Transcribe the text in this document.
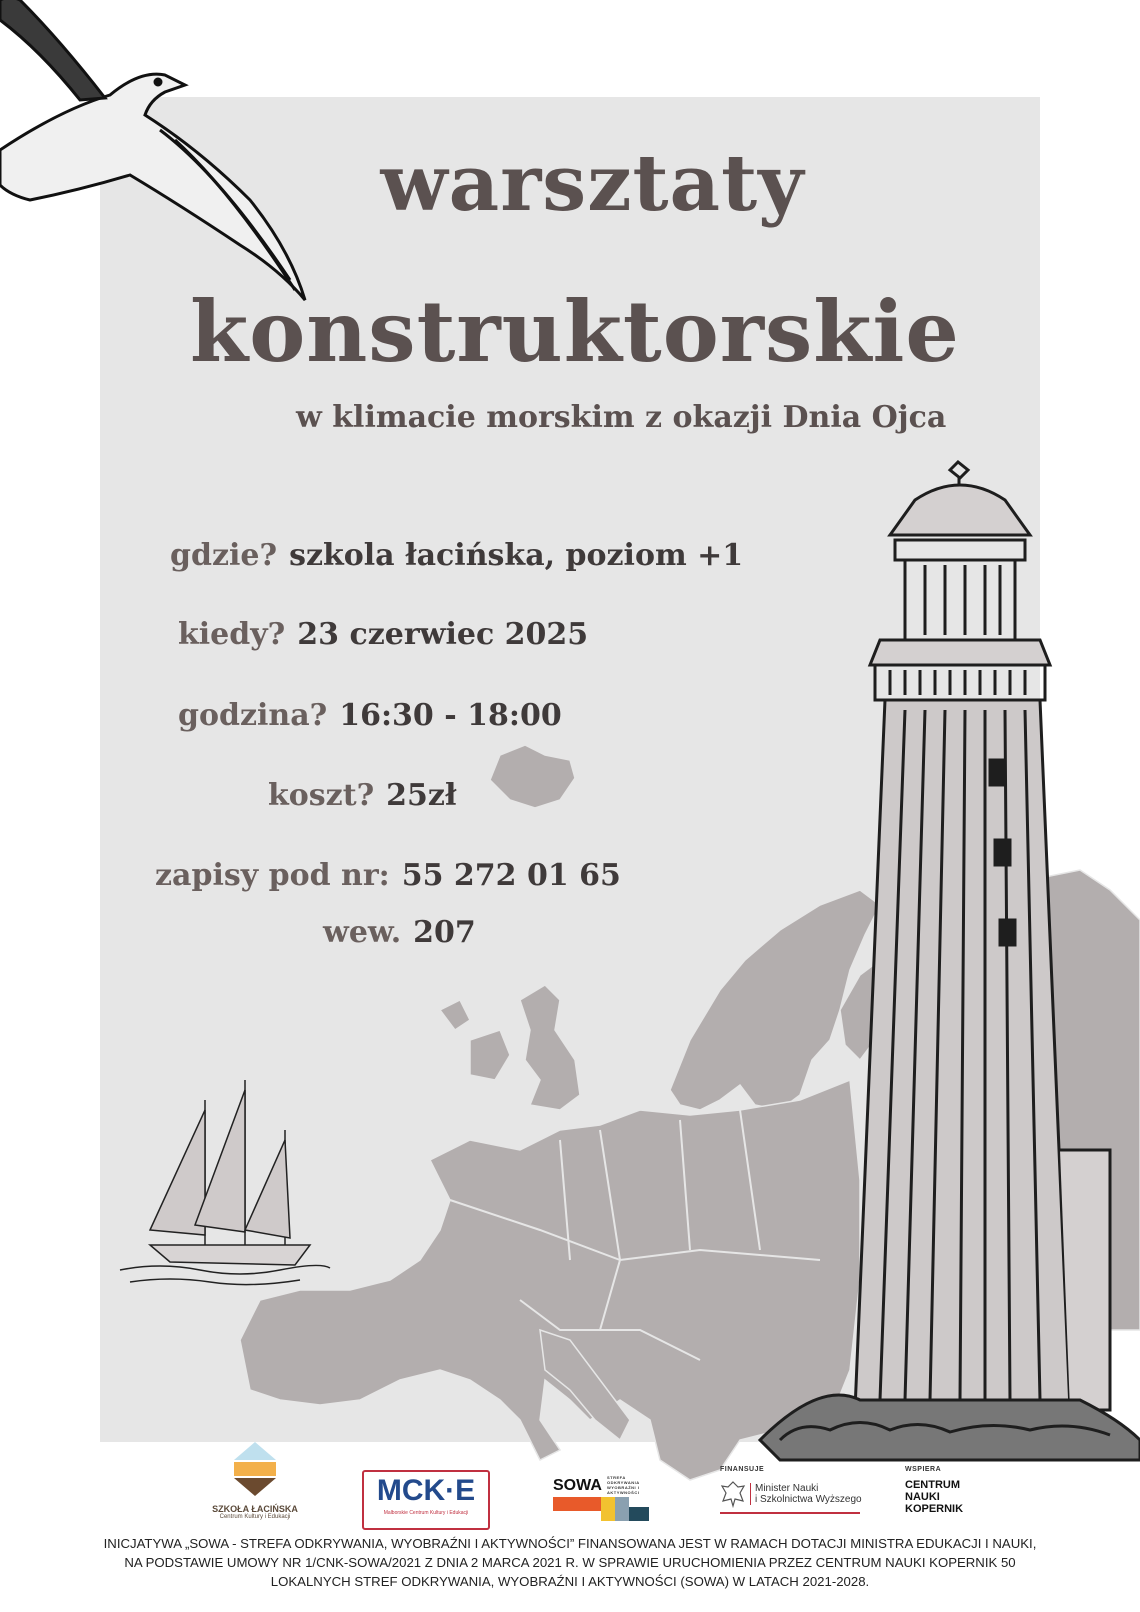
warsztaty
konstruktorskie
w klimacie morskim z okazji Dnia Ojca
gdzie? szkola łacińska, poziom +1
kiedy? 23 czerwiec 2025
godzina? 16:30 - 18:00
koszt? 25zł
zapisy pod nr: 55 272 01 65
wew. 207
SZKOŁA ŁACIŃSKA
Centrum Kultury i Edukacji
MCK·E
Malborskie Centrum Kultury i Edukacji
SOWA STREFA ODKRYWANIA WYOBRAŹNI I AKTYWNOŚCI
FINANSUJE
Minister Nauki
i Szkolnictwa Wyższego
WSPIERA
CENTRUM
NAUKI
KOPERNIK
INICJATYWA „SOWA - STREFA ODKRYWANIA, WYOBRAŹNI I AKTYWNOŚCI” FINANSOWANA JEST W RAMACH DOTACJI MINISTRA EDUKACJI I NAUKI,
NA PODSTAWIE UMOWY NR 1/CNK-SOWA/2021 Z DNIA 2 MARCA 2021 R. W SPRAWIE URUCHOMIENIA PRZEZ CENTRUM NAUKI KOPERNIK 50
LOKALNYCH STREF ODKRYWANIA, WYOBRAŹNI I AKTYWNOŚCI (SOWA) W LATACH 2021-2028.
